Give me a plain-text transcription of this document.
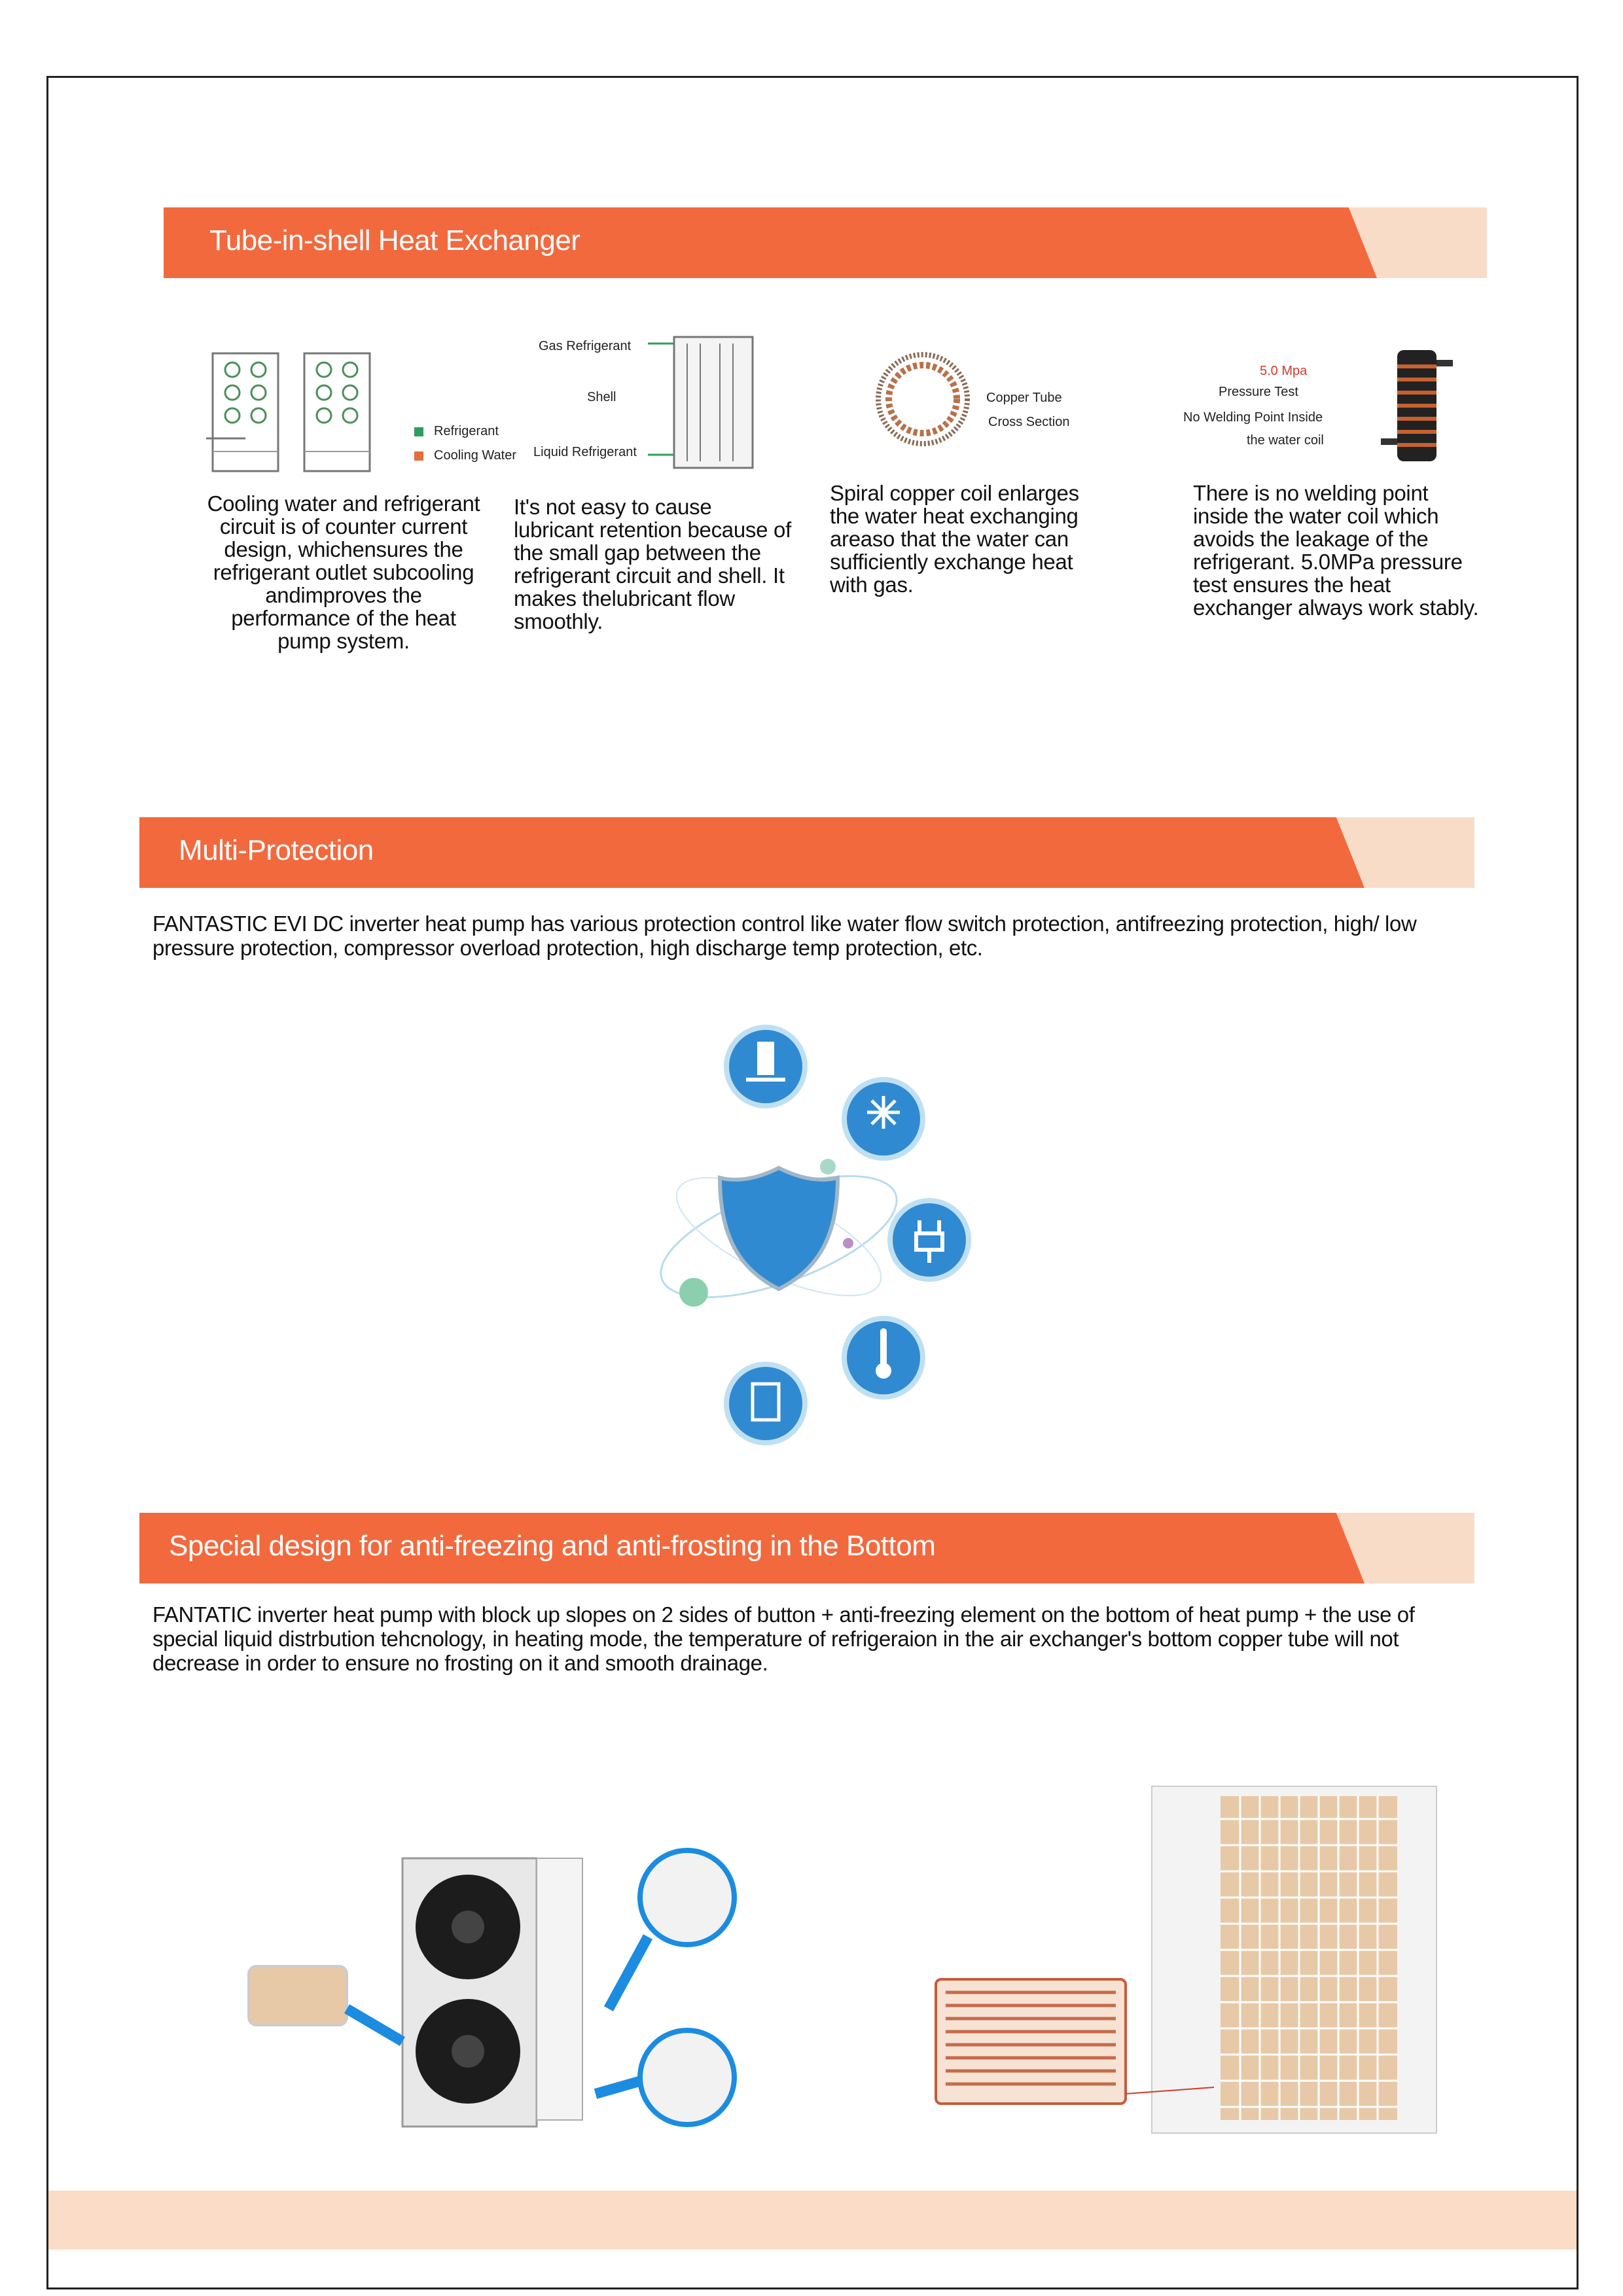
Tube-in-shell Heat Exchanger
Refrigerant
Cooling Water
Gas Refrigerant
Shell
Liquid Refrigerant
Copper Tube
Cross Section
5.0 Mpa
Pressure Test
No Welding Point Inside
the water coil
Cooling water and refrigerant circuit is of counter current design, whichensures the refrigerant outlet subcooling andimproves the performance of the heat pump system.
It's not easy to cause lubricant retention because of the small gap between the refrigerant circuit and shell. It makes thelubricant flow smoothly.
Spiral copper coil enlarges the water heat exchanging areaso that the water can sufficiently exchange heat with gas.
There is no welding point inside the water coil which avoids the leakage of the refrigerant. 5.0MPa pressure test ensures the heat exchanger always work stably.
Multi-Protection
FANTASTIC EVI DC inverter heat pump has various protection control like water flow switch protection, antifreezing protection, high/ low pressure protection, compressor overload protection, high discharge temp protection, etc.
Special design for anti-freezing and anti-frosting in the Bottom
FANTATIC inverter heat pump with block up slopes on 2 sides of button + anti-freezing element on the bottom of heat pump + the use of special liquid distrbution tehcnology, in heating mode, the temperature of refrigeraion in the air exchanger's bottom copper tube will not decrease in order to ensure no frosting on it and smooth drainage.
